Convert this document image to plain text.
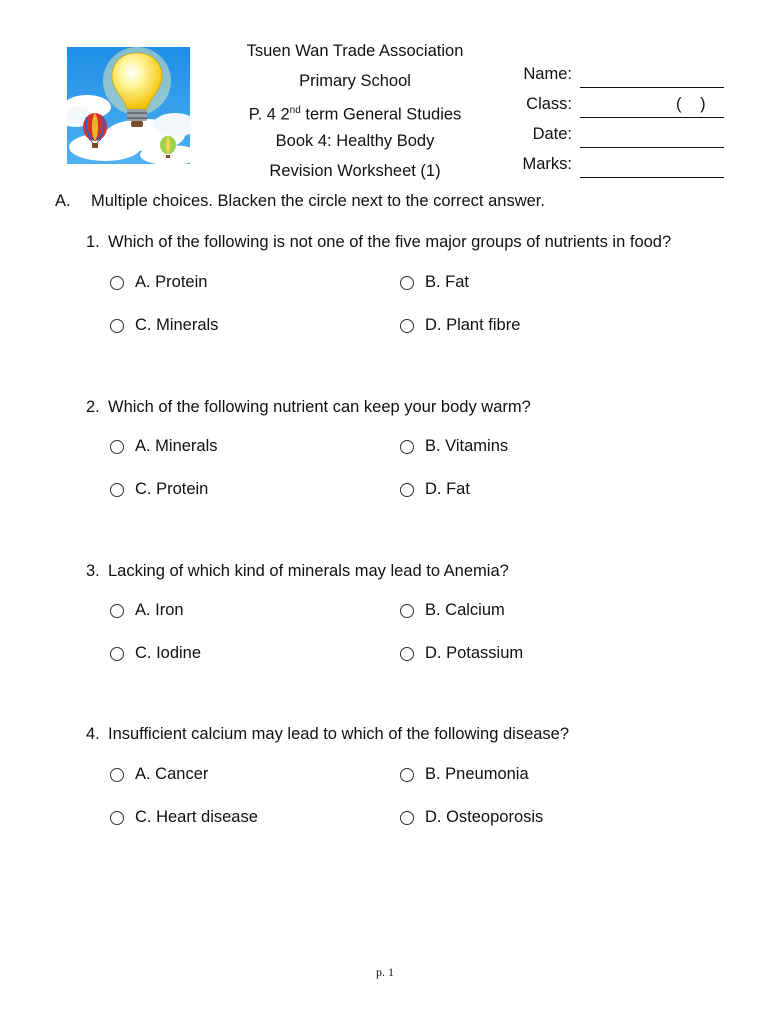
Tsuen Wan Trade Association
Primary School
P. 4 2nd term General Studies
Book 4: Healthy Body
Revision Worksheet (1)
Name:
Class:	( )
Date:
Marks:
A. Multiple choices. Blacken the circle next to the correct answer.
1. Which of the following is not one of the five major groups of nutrients in food?
A. Protein	B. Fat
C. Minerals	D. Plant fibre
2. Which of the following nutrient can keep your body warm?
A. Minerals	B. Vitamins
C. Protein	D. Fat
3. Lacking of which kind of minerals may lead to Anemia?
A. Iron	B. Calcium
C. Iodine	D. Potassium
4. Insufficient calcium may lead to which of the following disease?
A. Cancer	B. Pneumonia
C. Heart disease	D. Osteoporosis
p. 1
